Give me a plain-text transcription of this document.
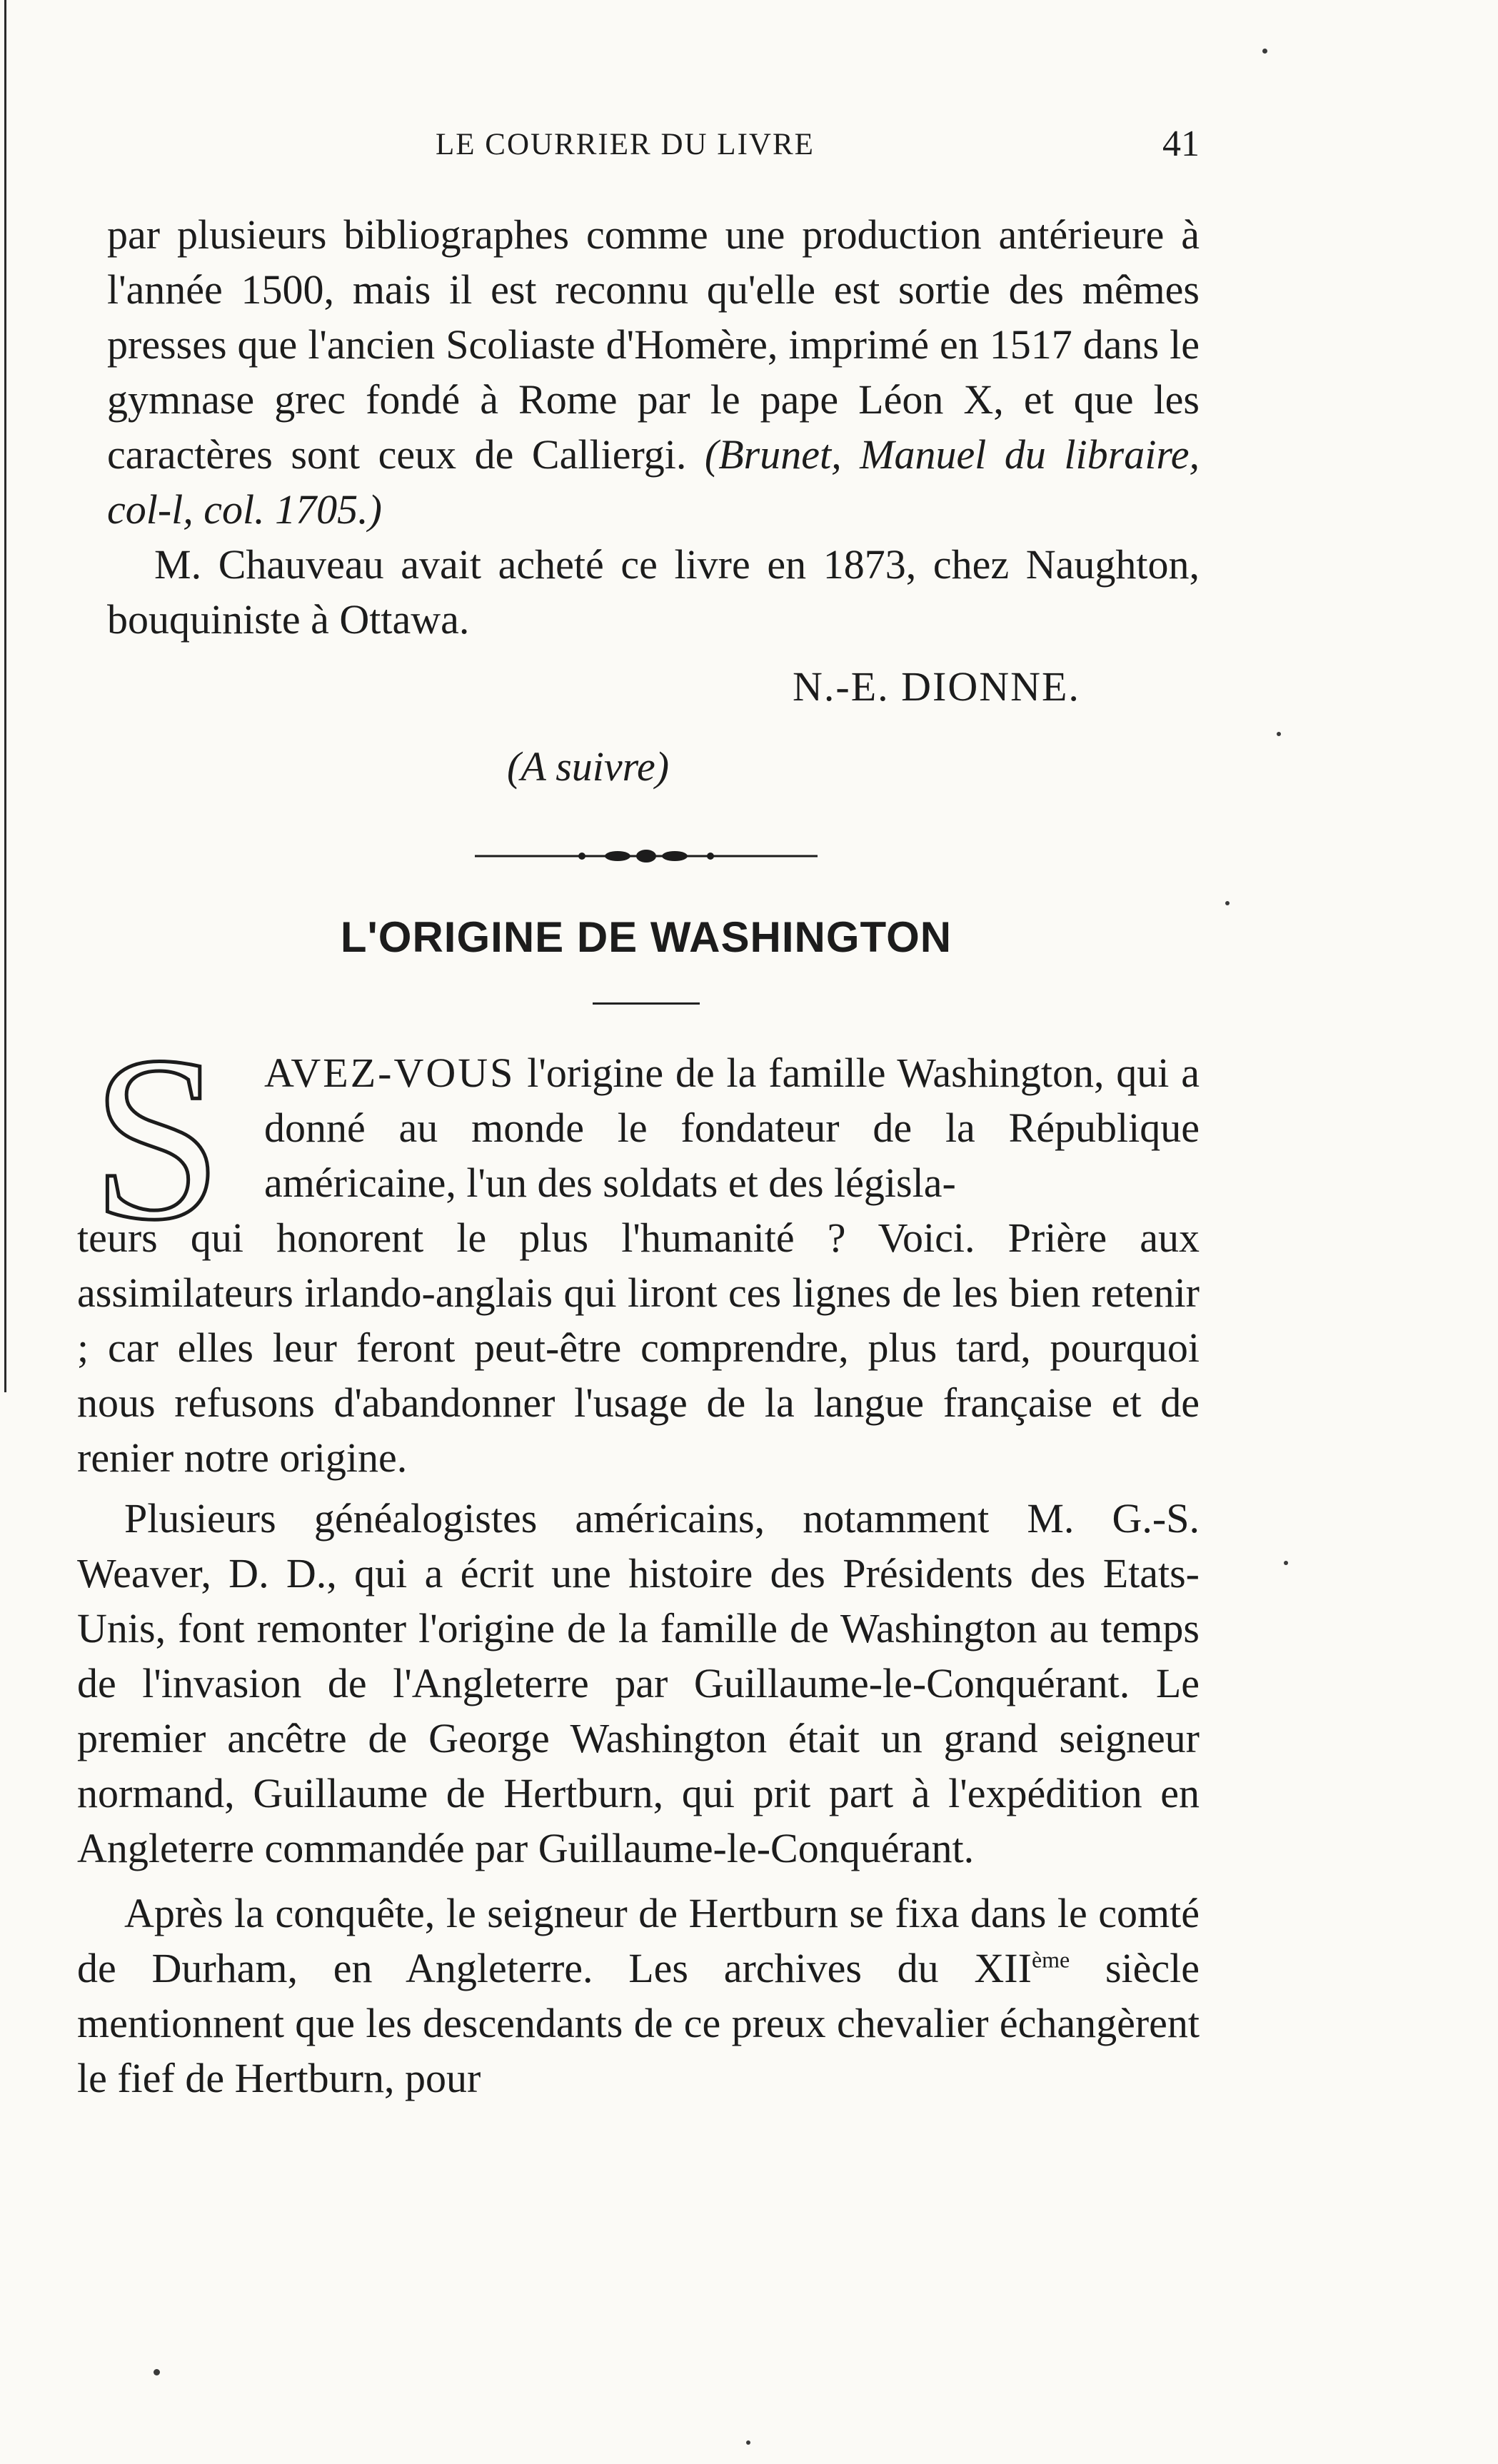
LE COURRIER DU LIVRE	41

par plusieurs bibliographes comme une production antérieure à l'année 1500, mais il est reconnu qu'elle est sortie des mêmes presses que l'ancien Scoliaste d'Homère, imprimé en 1517 dans le gymnase grec fondé à Rome par le pape Léon X, et que les caractères sont ceux de Calliergi. (Brunet, Manuel du libraire, col-l, col. 1705.)

M. Chauveau avait acheté ce livre en 1873, chez Naughton, bouquiniste à Ottawa.

N.-E. DIONNE.
(A suivre)
L'ORIGINE DE WASHINGTON
S AVEZ-VOUS l'origine de la famille Washington, qui a donné au monde le fondateur de la République américaine, l'un des soldats et des législa-

teurs qui honorent le plus l'humanité ? Voici. Prière aux assimilateurs irlando-anglais qui liront ces lignes de les bien retenir ; car elles leur feront peut-être comprendre, plus tard, pourquoi nous refusons d'abandonner l'usage de la langue française et de renier notre origine.

Plusieurs généalogistes américains, notamment M. G.-S. Weaver, D. D., qui a écrit une histoire des Présidents des Etats-Unis, font remonter l'origine de la famille de Washington au temps de l'invasion de l'Angleterre par Guillaume-le-Conquérant. Le premier ancêtre de George Washington était un grand seigneur normand, Guillaume de Hertburn, qui prit part à l'expédition en Angleterre commandée par Guillaume-le-Conquérant.

Après la conquête, le seigneur de Hertburn se fixa dans le comté de Durham, en Angleterre. Les archives du XIIème siècle mentionnent que les descendants de ce preux chevalier échangèrent le fief de Hertburn, pour
